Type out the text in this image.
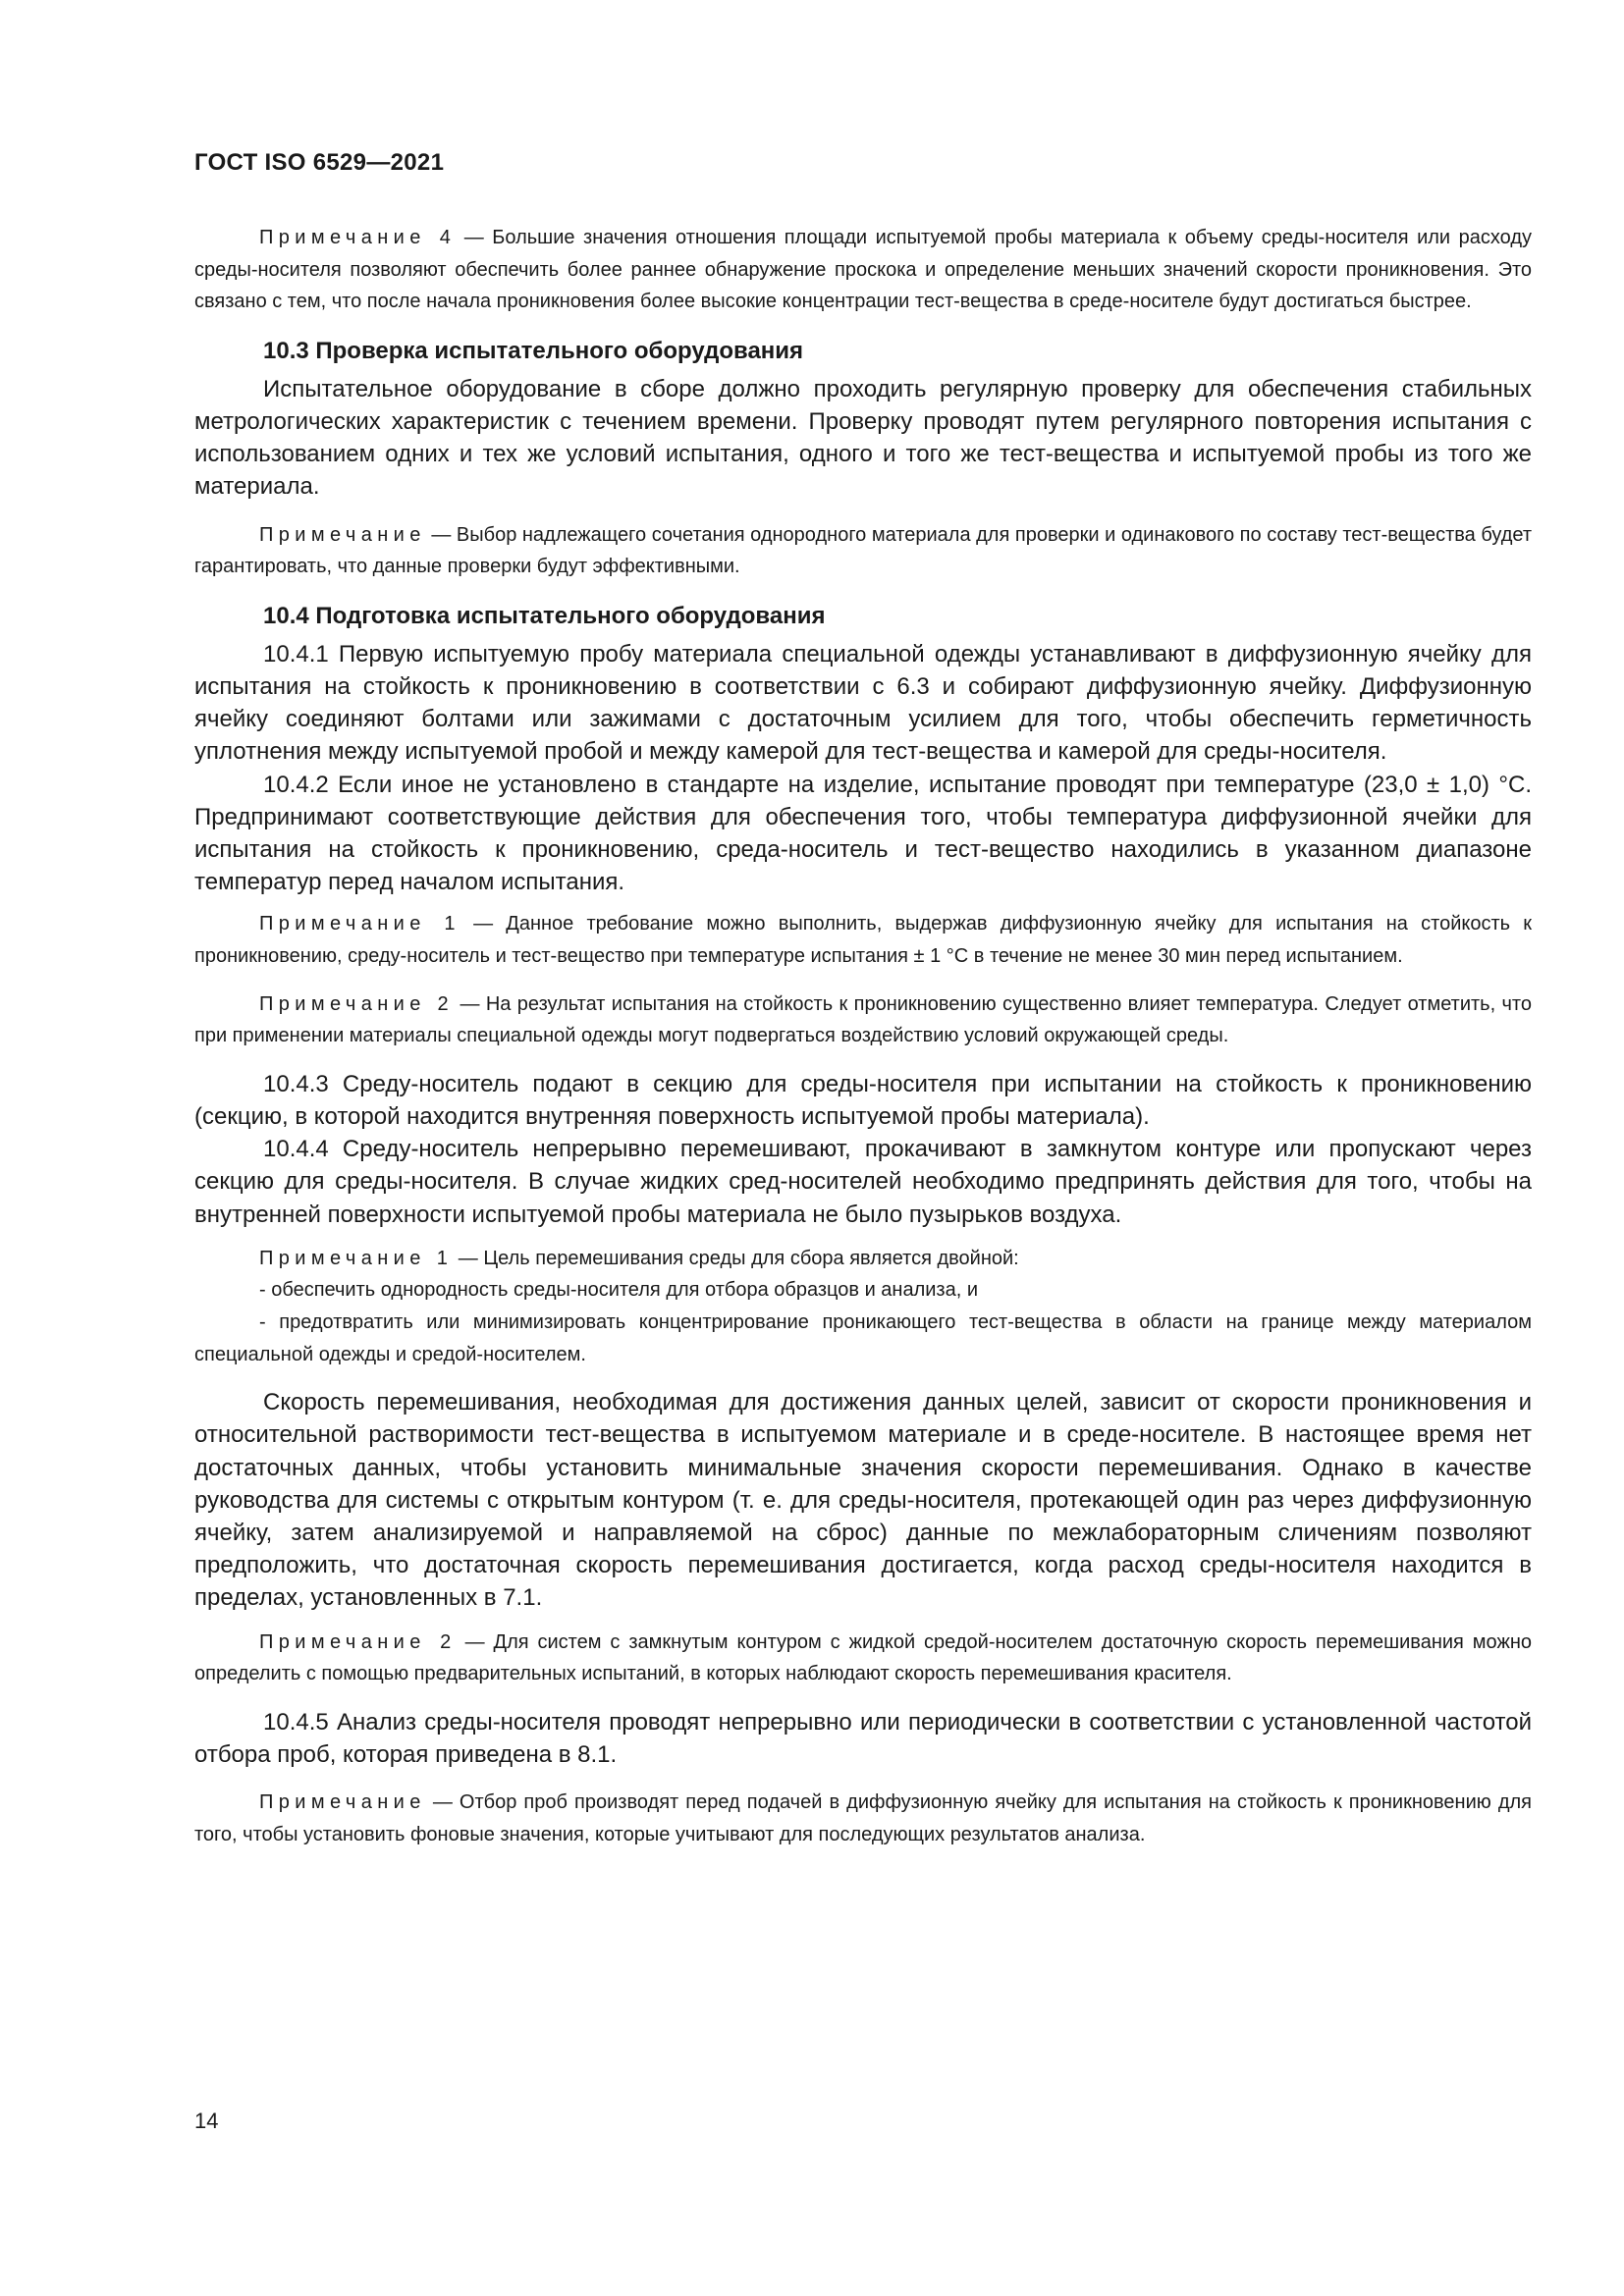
ГОСТ ISO 6529—2021

Примечание 4 — Большие значения отношения площади испытуемой пробы материала к объему среды-носителя или расходу среды-носителя позволяют обеспечить более раннее обнаружение проскока и определение меньших значений скорости проникновения. Это связано с тем, что после начала проникновения более высокие концентрации тест-вещества в среде-носителе будут достигаться быстрее.

10.3 Проверка испытательного оборудования

Испытательное оборудование в сборе должно проходить регулярную проверку для обеспечения стабильных метрологических характеристик с течением времени. Проверку проводят путем регулярного повторения испытания с использованием одних и тех же условий испытания, одного и того же тест-вещества и испытуемой пробы из того же материала.

Примечание — Выбор надлежащего сочетания однородного материала для проверки и одинакового по составу тест-вещества будет гарантировать, что данные проверки будут эффективными.

10.4 Подготовка испытательного оборудования

10.4.1 Первую испытуемую пробу материала специальной одежды устанавливают в диффузионную ячейку для испытания на стойкость к проникновению в соответствии с 6.3 и собирают диффузионную ячейку. Диффузионную ячейку соединяют болтами или зажимами с достаточным усилием для того, чтобы обеспечить герметичность уплотнения между испытуемой пробой и между камерой для тест-вещества и камерой для среды-носителя.

10.4.2 Если иное не установлено в стандарте на изделие, испытание проводят при температуре (23,0 ± 1,0) °C. Предпринимают соответствующие действия для обеспечения того, чтобы температура диффузионной ячейки для испытания на стойкость к проникновению, среда-носитель и тест-вещество находились в указанном диапазоне температур перед началом испытания.

Примечание 1 — Данное требование можно выполнить, выдержав диффузионную ячейку для испытания на стойкость к проникновению, среду-носитель и тест-вещество при температуре испытания ± 1 °C в течение не менее 30 мин перед испытанием.

Примечание 2 — На результат испытания на стойкость к проникновению существенно влияет температура. Следует отметить, что при применении материалы специальной одежды могут подвергаться воздействию условий окружающей среды.

10.4.3 Среду-носитель подают в секцию для среды-носителя при испытании на стойкость к проникновению (секцию, в которой находится внутренняя поверхность испытуемой пробы материала).

10.4.4 Среду-носитель непрерывно перемешивают, прокачивают в замкнутом контуре или пропускают через секцию для среды-носителя. В случае жидких сред-носителей необходимо предпринять действия для того, чтобы на внутренней поверхности испытуемой пробы материала не было пузырьков воздуха.

Примечание 1 — Цель перемешивания среды для сбора является двойной:

- обеспечить однородность среды-носителя для отбора образцов и анализа, и

- предотвратить или минимизировать концентрирование проникающего тест-вещества в области на границе между материалом специальной одежды и средой-носителем.

Скорость перемешивания, необходимая для достижения данных целей, зависит от скорости проникновения и относительной растворимости тест-вещества в испытуемом материале и в среде-носителе. В настоящее время нет достаточных данных, чтобы установить минимальные значения скорости перемешивания. Однако в качестве руководства для системы с открытым контуром (т. е. для среды-носителя, протекающей один раз через диффузионную ячейку, затем анализируемой и направляемой на сброс) данные по межлабораторным сличениям позволяют предположить, что достаточная скорость перемешивания достигается, когда расход среды-носителя находится в пределах, установленных в 7.1.

Примечание 2 — Для систем с замкнутым контуром с жидкой средой-носителем достаточную скорость перемешивания можно определить с помощью предварительных испытаний, в которых наблюдают скорость перемешивания красителя.

10.4.5 Анализ среды-носителя проводят непрерывно или периодически в соответствии с установленной частотой отбора проб, которая приведена в 8.1.

Примечание — Отбор проб производят перед подачей в диффузионную ячейку для испытания на стойкость к проникновению для того, чтобы установить фоновые значения, которые учитывают для последующих результатов анализа.

14
